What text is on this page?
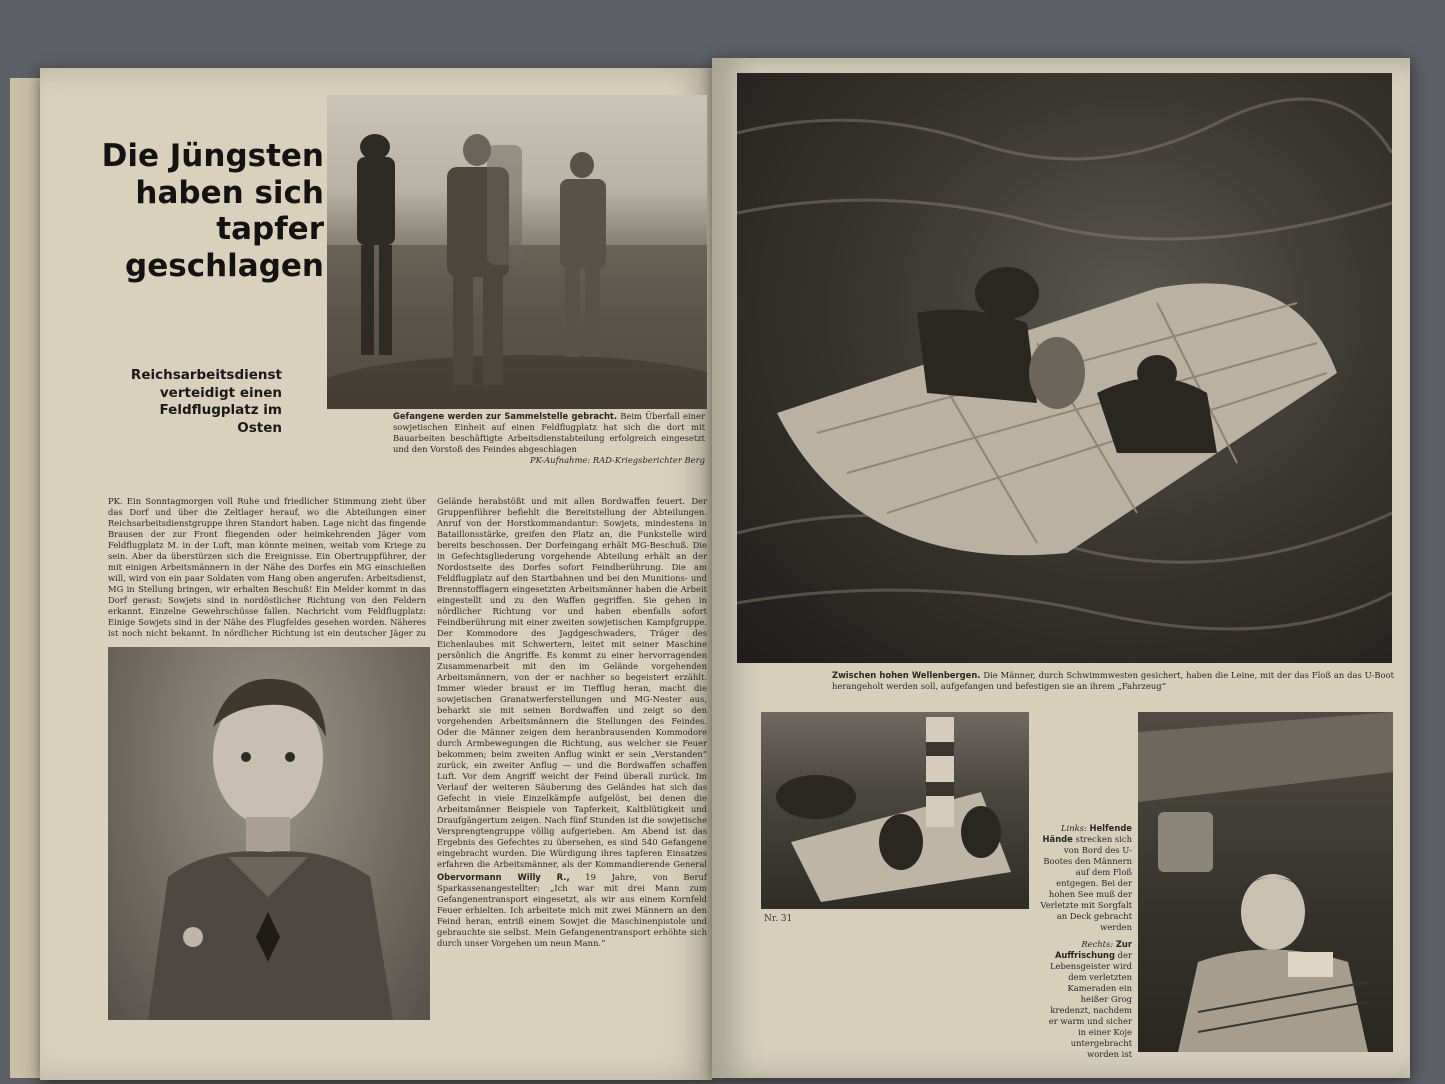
Die Jüngsten
haben sich
tapfer
geschlagen
Reichsarbeitsdienst
verteidigt einen
Feldflugplatz im
Osten
Gefangene werden zur Sammelstelle gebracht. Beim Überfall einer sowjetischen Einheit auf einen Feldflugplatz hat sich die dort mit Bauarbeiten beschäftigte Arbeitsdienstabteilung erfolgreich eingesetzt und den Vorstoß des Feindes abgeschlagen
PK-Aufnahme: RAD-Kriegsberichter Berg
PK. Ein Sonntagmorgen voll Ruhe und friedlicher Stimmung zieht über das Dorf und über die Zeltlager herauf, wo die Abteilungen einer Reichsarbeitsdienstgruppe ihren Standort haben. Lage nicht das fingende Brausen der zur Front fliegenden oder heimkehrenden Jäger vom Feldflugplatz M. in der Luft, man könnte meinen, weitab vom Kriege zu sein. Aber da überstürzen sich die Ereignisse. Ein Obertruppführer, der mit einigen Arbeitsmännern in der Nähe des Dorfes ein MG einschießen will, wird von ein paar Soldaten vom Hang oben angerufen: Arbeitsdienst, MG in Stellung bringen, wir erhalten Beschuß! Ein Melder kommt in das Dorf gerast: Sowjets sind in nordöstlicher Richtung von den Feldern erkannt. Einzelne Gewehrschüsse fallen. Nachricht vom Feldflugplatz: Einige Sowjets sind in der Nähe des Flugfeldes gesehen worden. Näheres ist noch nicht bekannt. In nördlicher Richtung ist ein deutscher Jäger zu
Gelände herabstößt und mit allen Bordwaffen feuert. Der Gruppenführer befiehlt die Bereitstellung der Abteilungen. Anruf von der Horstkommandantur: Sowjets, mindestens in Bataillonsstärke, greifen den Platz an, die Funkstelle wird bereits beschossen. Der Dorfeingang erhält MG-Beschuß. Die in Gefechtsgliederung vorgehende Abteilung erhält an der Nordostseite des Dorfes sofort Feindberührung. Die am Feldflugplatz auf den Startbahnen und bei den Munitions- und Brennstofflagern eingesetzten Arbeitsmänner haben die Arbeit eingestellt und zu den Waffen gegriffen. Sie gehen in nördlicher Richtung vor und haben ebenfalls sofort Feindberührung mit einer zweiten sowjetischen Kampfgruppe. Der Kommodore des Jagdgeschwaders, Träger des Eichenlaubes mit Schwertern, leitet mit seiner Maschine persönlich die Angriffe. Es kommt zu einer hervorragenden Zusammenarbeit mit den im Gelände vorgehenden Arbeitsmännern, von der er nachher so begeistert erzählt. Immer wieder braust er im Tiefflug heran, macht die sowjetischen Granatwerferstellungen und MG-Nester aus, beharkt sie mit seinen Bordwaffen und zeigt so den vorgehenden Arbeitsmännern die Stellungen des Feindes. Oder die Männer zeigen dem heranbrausenden Kommodore durch Armbewegungen die Richtung, aus welcher sie Feuer bekommen; beim zweiten Anflug winkt er sein „Verstanden“ zurück, ein zweiter Anflug — und die Bordwaffen schaffen Luft. Vor dem Angriff weicht der Feind überall zurück. Im Verlauf der weiteren Säuberung des Geländes hat sich das Gefecht in viele Einzelkämpfe aufgelöst, bei denen die Arbeitsmänner Beispiele von Tapferkeit, Kaltblütigkeit und Draufgängertum zeigen. Nach fünf Stunden ist die sowjetische Versprengtengruppe völlig aufgerieben. Am Abend ist das Ergebnis des Gefechtes zu übersehen, es sind 540 Gefangene eingebracht wurden. Die Würdigung ihres tapferen Einsatzes erfahren die Arbeitsmänner, als der Kommandierende General
Obervormann Willy R., 19 Jahre, von Beruf Sparkassenangestellter: „Ich war mit drei Mann zum Gefangenentransport eingesetzt, als wir aus einem Kornfeld Feuer erhielten. Ich arbeitete mich mit zwei Männern an den Feind heran, entriß einem Sowjet die Maschinenpistole und gebrauchte sie selbst. Mein Gefangenentransport erhöhte sich durch unser Vorgehen um neun Mann.“
Zwischen hohen Wellenbergen. Die Männer, durch Schwimmwesten gesichert, haben die Leine, mit der das Floß an das U-Boot herangeholt werden soll, aufgefangen und befestigen sie an ihrem „Fahrzeug“
Nr. 31
Links: Helfende Hände strecken sich von Bord des U-Bootes den Männern auf dem Floß entgegen. Bei der hohen See muß der Verletzte mit Sorgfalt an Deck gebracht werden
Rechts: Zur Auffrischung der Lebensgeister wird dem verletzten Kameraden ein heißer Grog kredenzt, nachdem er warm und sicher in einer Koje untergebracht worden ist
